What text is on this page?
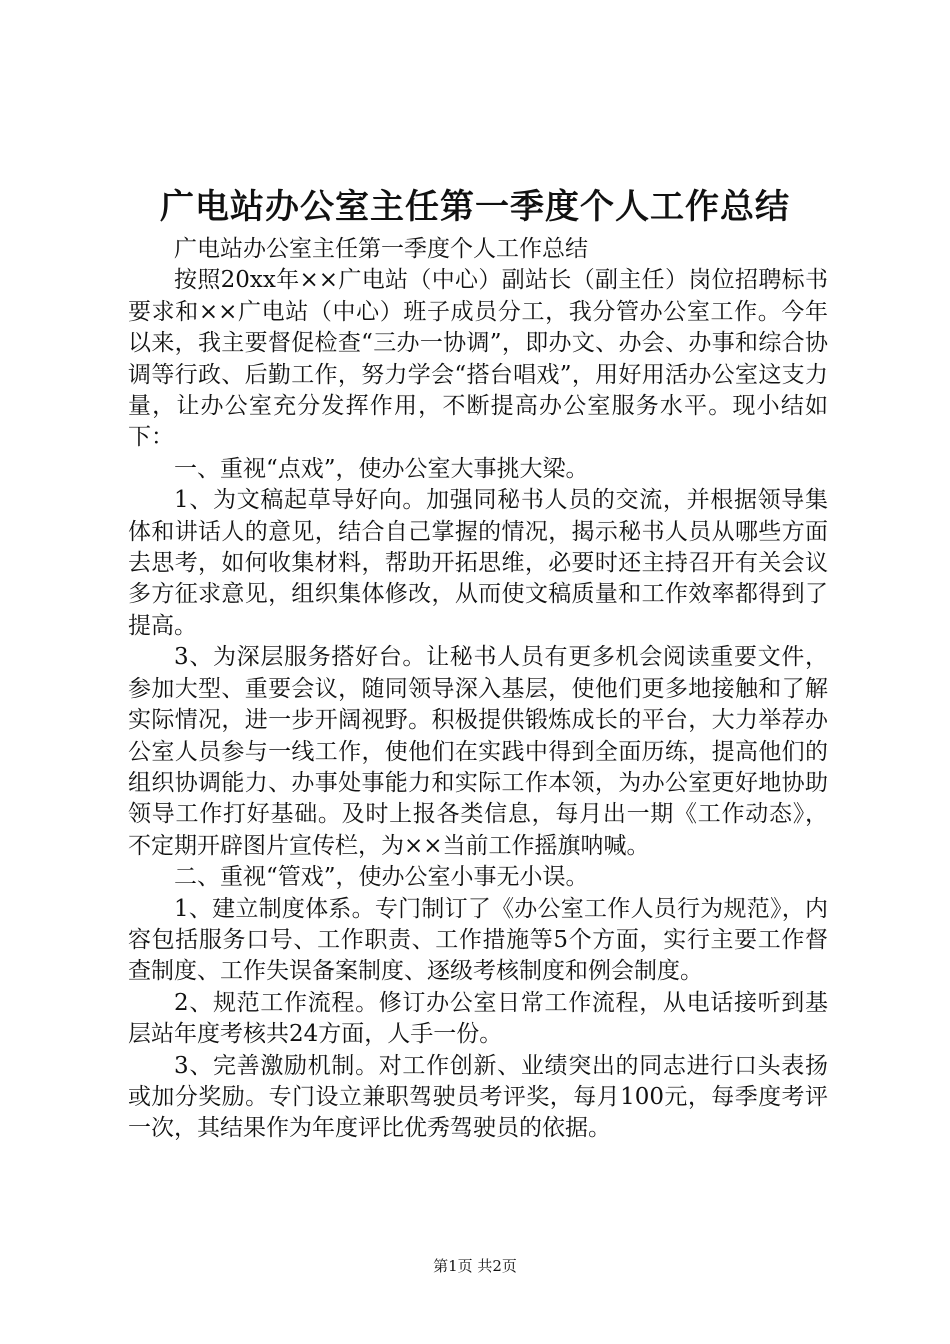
广电站办公室主任第一季度个人工作总结

广电站办公室主任第一季度个人工作总结

按照20xx年××广电站（中心）副站长（副主任）岗位招聘标书要求和××广电站（中心）班子成员分工，我分管办公室工作。今年以来，我主要督促检查“三办一协调”，即办文、办会、办事和综合协调等行政、后勤工作，努力学会“搭台唱戏”，用好用活办公室这支力量，让办公室充分发挥作用，不断提高办公室服务水平。现小结如下：

一、重视“点戏”，使办公室大事挑大梁。

1、为文稿起草导好向。加强同秘书人员的交流，并根据领导集体和讲话人的意见，结合自己掌握的情况，揭示秘书人员从哪些方面去思考，如何收集材料，帮助开拓思维，必要时还主持召开有关会议多方征求意见，组织集体修改，从而使文稿质量和工作效率都得到了提高。

3、为深层服务搭好台。让秘书人员有更多机会阅读重要文件，参加大型、重要会议，随同领导深入基层，使他们更多地接触和了解实际情况，进一步开阔视野。积极提供锻炼成长的平台，大力举荐办公室人员参与一线工作，使他们在实践中得到全面历练，提高他们的组织协调能力、办事处事能力和实际工作本领，为办公室更好地协助领导工作打好基础。及时上报各类信息，每月出一期《工作动态》，不定期开辟图片宣传栏，为××当前工作摇旗呐喊。

二、重视“管戏”，使办公室小事无小误。

1、建立制度体系。专门制订了《办公室工作人员行为规范》，内容包括服务口号、工作职责、工作措施等5个方面，实行主要工作督查制度、工作失误备案制度、逐级考核制度和例会制度。

2、规范工作流程。修订办公室日常工作流程，从电话接听到基层站年度考核共24方面，人手一份。

3、完善激励机制。对工作创新、业绩突出的同志进行口头表扬或加分奖励。专门设立兼职驾驶员考评奖，每月100元，每季度考评一次，其结果作为年度评比优秀驾驶员的依据。

第1页 共2页
